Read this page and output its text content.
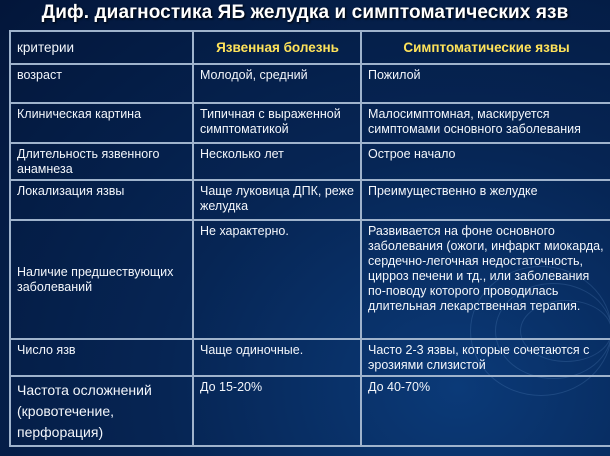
Диф. диагностика ЯБ желудка и симптоматических язв
критерии	Язвенная болезнь	Симптоматические язвы
возраст	Молодой, средний	Пожилой
Клиническая картина	Типичная с выраженной симптоматикой	Малосимптомная, маскируется симптомами основного заболевания
Длительность язвенного анамнеза	Несколько лет	Острое начало
Локализация язвы	Чаще луковица ДПК, реже желудка	Преимущественно в желудке
Наличие предшествующих заболеваний	Не характерно.	Развивается на фоне основного заболевания (ожоги, инфаркт миокарда, сердечно-легочная недостаточность, цирроз печени и тд., или заболевания по-поводу которого проводилась длительная лекарственная терапия.
Число язв	Чаще одиночные.	Часто 2-3 язвы, которые сочетаются с эрозиями слизистой
Частота осложнений (кровотечение, перфорация)	До 15-20%	До 40-70%
